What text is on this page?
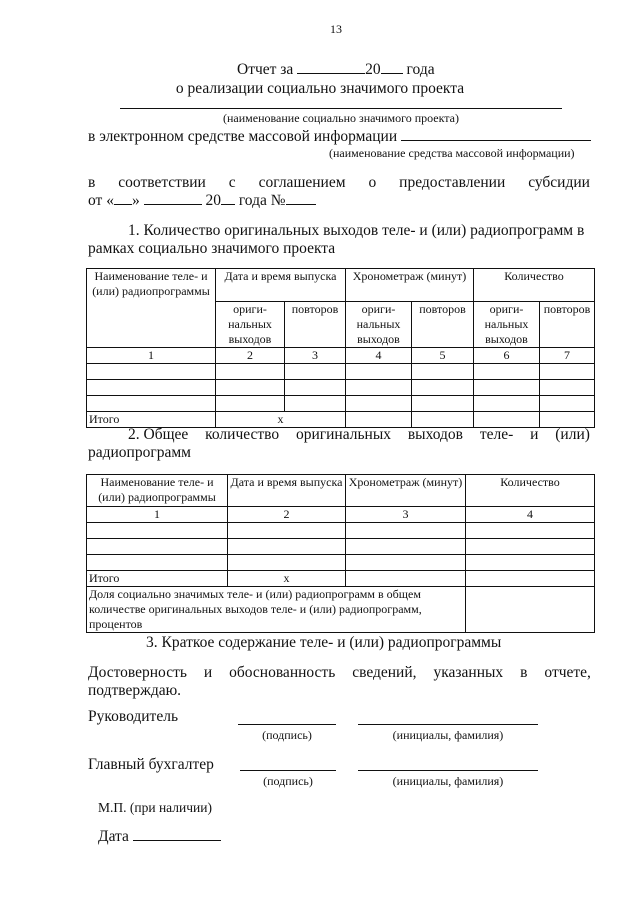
13
Отчет за	20 года
о реализации социально значимого проекта
(наименование социально значимого проекта)
в электронном средстве массовой информации
(наименование средства массовой информации)
в соответствии с соглашением о предоставлении субсидии
от « »	20 года №
1. Количество оригинальных выходов теле- и (или) радиопрограмм в
рамках социально значимого проекта
Наименование теле- и (или) радиопрограммы	Дата и время выпуска		Хронометраж (минут)		Количество	
	оригинальных выходов	повторов	оригинальных выходов	повторов	оригинальных выходов	повторов
1	2	3	4	5	6	7

Итого	х					
2. Общее количество оригинальных выходов теле- и (или)
радиопрограмм
Наименование теле- и (или) радиопрограммы	Дата и время выпуска	Хронометраж (минут)	Количество
1	2	3	4

Итого	х		
Доля социально значимых теле- и (или) радиопрограмм в общем количестве оригинальных выходов теле- и (или) радиопрограмм, процентов			
3. Краткое содержание теле- и (или) радиопрограммы
Достоверность и обоснованность сведений, указанных в отчете,
подтверждаю.
Руководитель
(подпись)	(инициалы, фамилия)
Главный бухгалтер
(подпись)	(инициалы, фамилия)
М.П. (при наличии)
Дата
